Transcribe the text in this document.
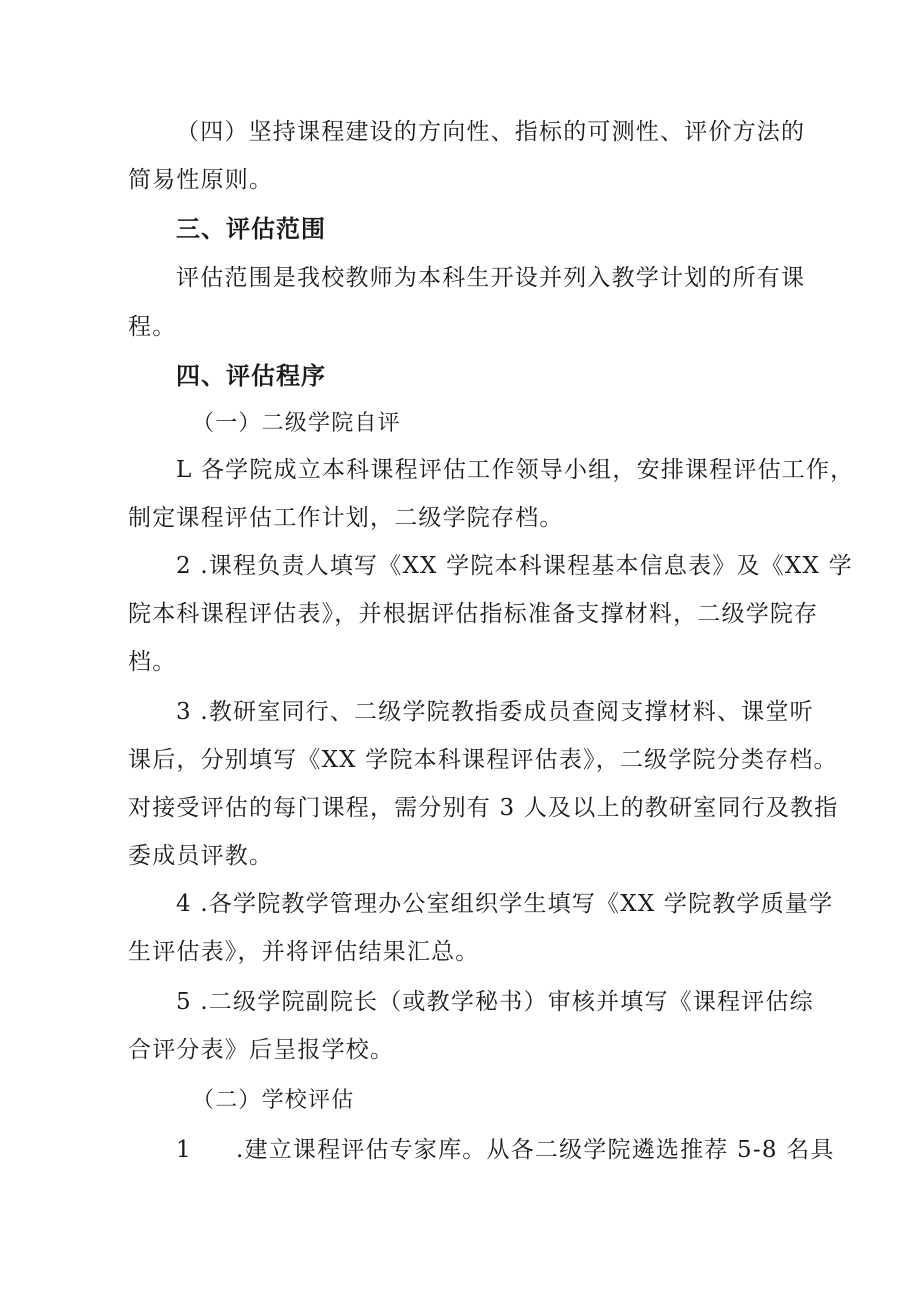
（四）坚持课程建设的方向性、指标的可测性、评价方法的
简易性原则。
三、评估范围
评估范围是我校教师为本科生开设并列入教学计划的所有课
程。
四、评估程序
（一）二级学院自评
L 各学院成立本科课程评估工作领导小组，安排课程评估工作，
制定课程评估工作计划，二级学院存档。
2 .课程负责人填写《XX 学院本科课程基本信息表》及《XX 学
院本科课程评估表》，并根据评估指标准备支撑材料，二级学院存
档。
3 .教研室同行、二级学院教指委成员查阅支撑材料、课堂听
课后，分别填写《XX 学院本科课程评估表》，二级学院分类存档。
对接受评估的每门课程，需分别有 3 人及以上的教研室同行及教指
委成员评教。
4 .各学院教学管理办公室组织学生填写《XX 学院教学质量学
生评估表》，并将评估结果汇总。
5 .二级学院副院长（或教学秘书）审核并填写《课程评估综
合评分表》后呈报学校。
（二）学校评估
1 .建立课程评估专家库。从各二级学院遴选推荐 5-8 名具
